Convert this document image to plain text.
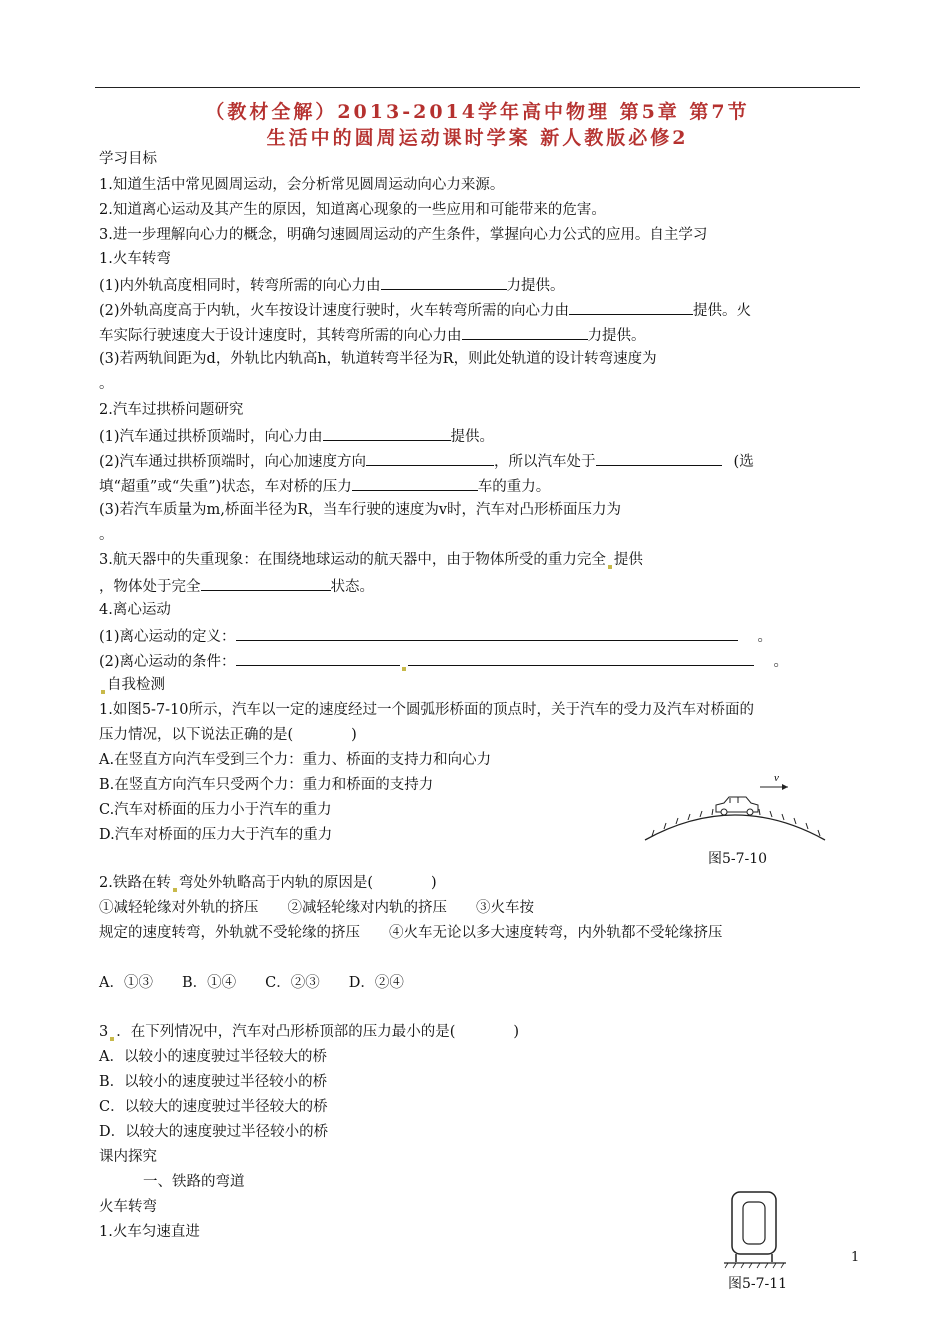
（教材全解）2013-2014学年高中物理 第5章 第7节
生活中的圆周运动课时学案 新人教版必修2
学习目标
1.知道生活中常见圆周运动，会分析常见圆周运动向心力来源。
2.知道离心运动及其产生的原因，知道离心现象的一些应用和可能带来的危害。
3.进一步理解向心力的概念，明确匀速圆周运动的产生条件，掌握向心力公式的应用。自主学习
1.火车转弯
(1)内外轨高度相同时，转弯所需的向心力由	力提供。
(2)外轨高度高于内轨，火车按设计速度行驶时，火车转弯所需的向心力由	提供。火
车实际行驶速度大于设计速度时，其转弯所需的向心力由	力提供。
(3)若两轨间距为d，外轨比内轨高h，轨道转弯半径为R，则此处轨道的设计转弯速度为
。
2.汽车过拱桥问题研究
(1)汽车通过拱桥顶端时，向心力由	提供。
(2)汽车通过拱桥顶端时，向心加速度方向	，所以汽车处于	(选
填“超重”或“失重”)状态，车对桥的压力	车的重力。
(3)若汽车质量为m,桥面半径为R，当车行驶的速度为v时，汽车对凸形桥面压力为
。
3.航天器中的失重现象：在围绕地球运动的航天器中，由于物体所受的重力完全 提供
，物体处于完全	状态。
4.离心运动
(1)离心运动的定义：	。
(2)离心运动的条件：	。
自我检测
1.如图5-7-10所示，汽车以一定的速度经过一个圆弧形桥面的顶点时，关于汽车的受力及汽车对桥面的
压力情况，以下说法正确的是(　　　　)
A.在竖直方向汽车受到三个力：重力、桥面的支持力和向心力
B.在竖直方向汽车只受两个力：重力和桥面的支持力
C.汽车对桥面的压力小于汽车的重力
D.汽车对桥面的压力大于汽车的重力
v
图5-7-10
2.铁路在转 弯处外轨略高于内轨的原因是(　　　　)
①减轻轮缘对外轨的挤压　　②减轻轮缘对内轨的挤压　　③火车按
规定的速度转弯，外轨就不受轮缘的挤压　　④火车无论以多大速度转弯，内外轨都不受轮缘挤压
A．①③　　B．①④　　C．②③　　D．②④
3 ．在下列情况中，汽车对凸形桥顶部的压力最小的是(　　　　)
A．以较小的速度驶过半径较大的桥
B．以较小的速度驶过半径较小的桥
C．以较大的速度驶过半径较大的桥
D．以较大的速度驶过半径较小的桥
课内探究
一、铁路的弯道
火车转弯
1.火车匀速直进
图5-7-11
1
